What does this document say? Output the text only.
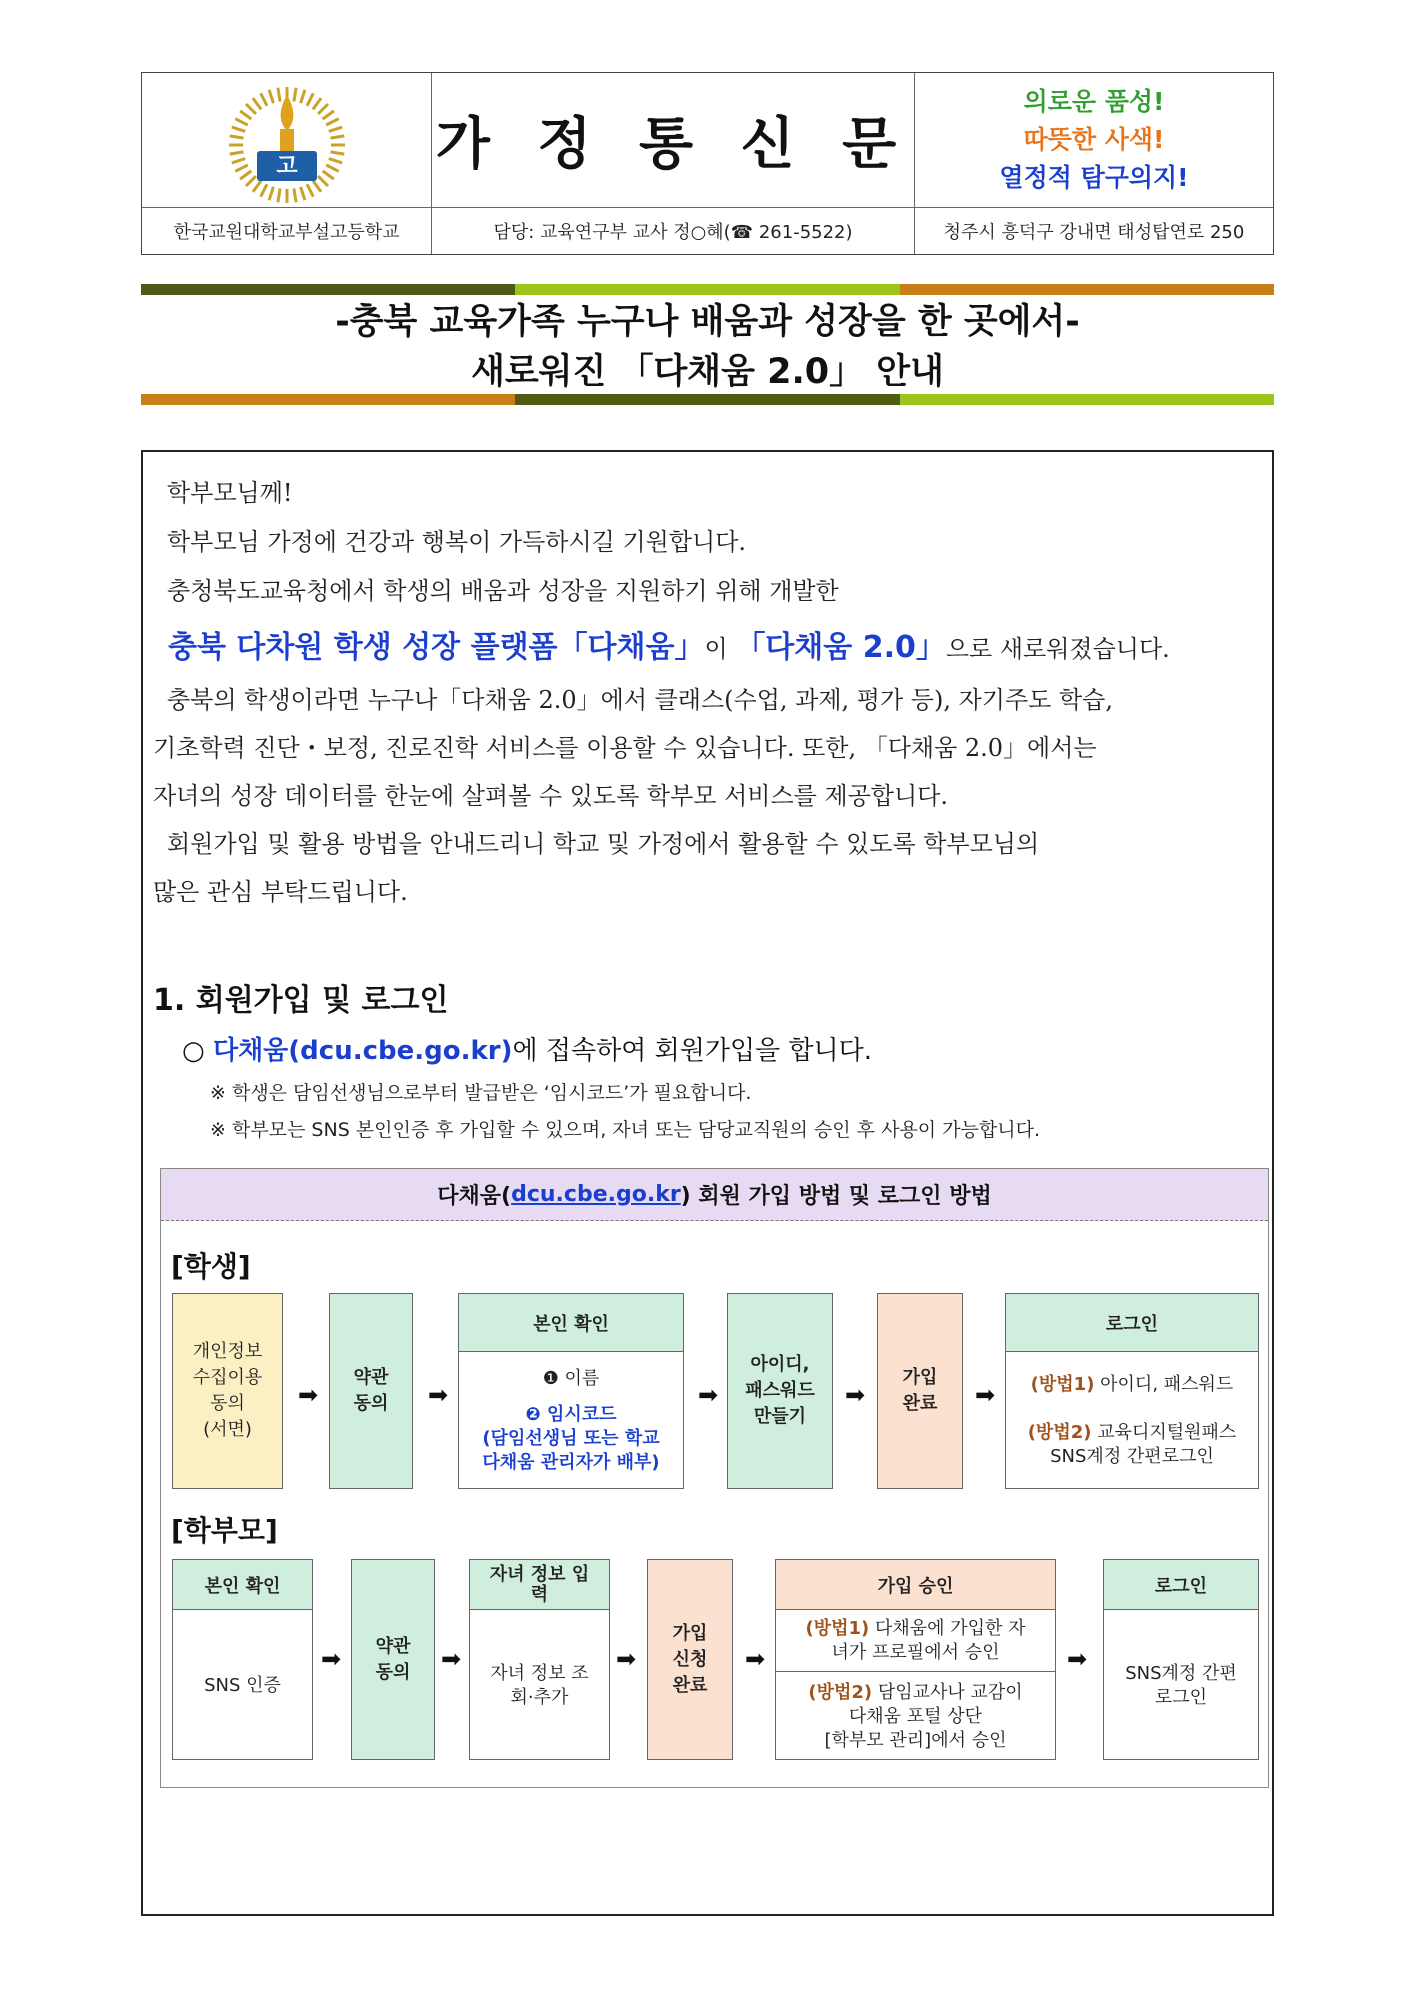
고 가 정 통 신 문
의로운 품성!
따뜻한 사색!
열정적 탐구의지!
한국교원대학교부설고등학교	담당: 교육연구부 교사 정○혜(☎ 261-5522)	청주시 흥덕구 강내면 태성탑연로 250
-충북 교육가족 누구나 배움과 성장을 한 곳에서-
새로워진 「다채움 2.0」 안내
학부모님께!
학부모님 가정에 건강과 행복이 가득하시길 기원합니다.
충청북도교육청에서 학생의 배움과 성장을 지원하기 위해 개발한
충북 다차원 학생 성장 플랫폼「다채움」이 「다채움 2.0」으로 새로워졌습니다.
충북의 학생이라면 누구나「다채움 2.0」에서 클래스(수업, 과제, 평가 등), 자기주도 학습,
기초학력 진단・보정, 진로진학 서비스를 이용할 수 있습니다. 또한, 「다채움 2.0」에서는
자녀의 성장 데이터를 한눈에 살펴볼 수 있도록 학부모 서비스를 제공합니다.
회원가입 및 활용 방법을 안내드리니 학교 및 가정에서 활용할 수 있도록 학부모님의
많은 관심 부탁드립니다.
1. 회원가입 및 로그인
○ 다채움(dcu.cbe.go.kr)에 접속하여 회원가입을 합니다.
※ 학생은 담임선생님으로부터 발급받은 ‘임시코드’가 필요합니다.
※ 학부모는 SNS 본인인증 후 가입할 수 있으며, 자녀 또는 담당교직원의 승인 후 사용이 가능합니다.
다채움( dcu.cbe.go.kr ) 회원 가입 방법 및 로그인 방법
[학생]
개인정보
수집이용
동의
(서면)
➡
약관
동의 ➡
본인 확인
❶ 이름
❷ 임시코드
(담임선생님 또는 학교
다채움 관리자가 배부)
➡
아이디,
패스워드
만들기
➡
가입
완료 ➡
로그인
(방법1) 아이디, 패스워드
(방법2) 교육디지털원패스
SNS계정 간편로그인
[학부모]
본인 확인
SNS 인증
➡ 약관
동의 ➡
자녀 정보 입
력
자녀 정보 조
회·추가
➡
가입
신청
완료
➡
가입 승인
(방법1) 다채움에 가입한 자
녀가 프로필에서 승인
(방법2) 담임교사나 교감이
다채움 포털 상단
[학부모 관리]에서 승인
➡
로그인
SNS계정 간편
로그인
